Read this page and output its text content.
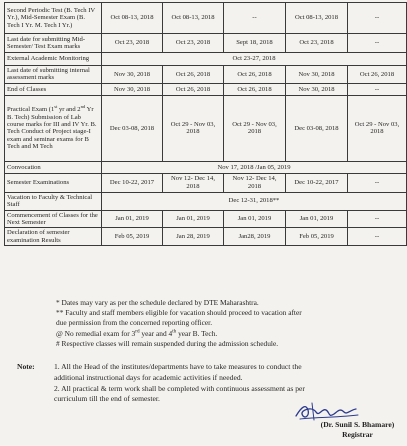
Second Periodic Test (B. Tech IV Yr.), Mid-Semester Exam (B. Tech I Yr. M. Tech I Yr.)	Oct 08-13, 2018	Oct 08-13, 2018	--	Oct 08-13, 2018	--
Last date for submitting Mid-Semester/ Test Exam marks	Oct 23, 2018	Oct 23, 2018	Sept 18, 2018	Oct 23, 2018	--
External Academic Monitoring	Oct 23-27, 2018				
Last date of submitting internal assessment marks	Nov 30, 2018	Oct 26, 2018	Oct 26, 2018	Nov 30, 2018	Oct 26, 2018
End of Classes	Nov 30, 2018	Oct 26, 2018	Oct 26, 2018	Nov 30, 2018	--
Practical Exam (1st yr and 2nd Yr B. Tech) Submission of Lab course marks for III and IV Yr. B. Tech Conduct of Project stage-I exam and seminar exams for B Tech and M Tech	Dec 03-08, 2018	Oct 29 - Nov 03, 2018	Oct 29 - Nov 03, 2018	Dec 03-08, 2018	Oct 29 - Nov 03, 2018
Convocation	Nov 17, 2018 /Jan 05, 2019				
Semester Examinations	Dec 10-22, 2017	Nov 12- Dec 14, 2018	Nov 12- Dec 14, 2018	Dec 10-22, 2017	--
Vacation to Faculty & Technical Staff	Dec 12-31, 2018**				
Commencement of Classes for the Next Semester	Jan 01, 2019	Jan 01, 2019	Jan 01, 2019	Jan 01, 2019	--
Declaration of semester examination Results	Feb 05, 2019	Jan 28, 2019	Jan28, 2019	Feb 05, 2019	--
* Dates may vary as per the schedule declared by DTE Maharashtra.
** Faculty and staff members eligible for vacation should proceed to vacation after
due permission from the concerned reporting officer.
@ No remedial exam for 3rd year and 4th year B. Tech.
# Respective classes will remain suspended during the admission schedule.
Note:	1. All the Head of the institutes/departments have to take measures to conduct the
additional instructional days for academic activities if needed.
2. All practical & term work shall be completed with continuous assessment as per
curriculum till the end of semester.
(Dr. Sunil S. Bhamare)
Registrar
